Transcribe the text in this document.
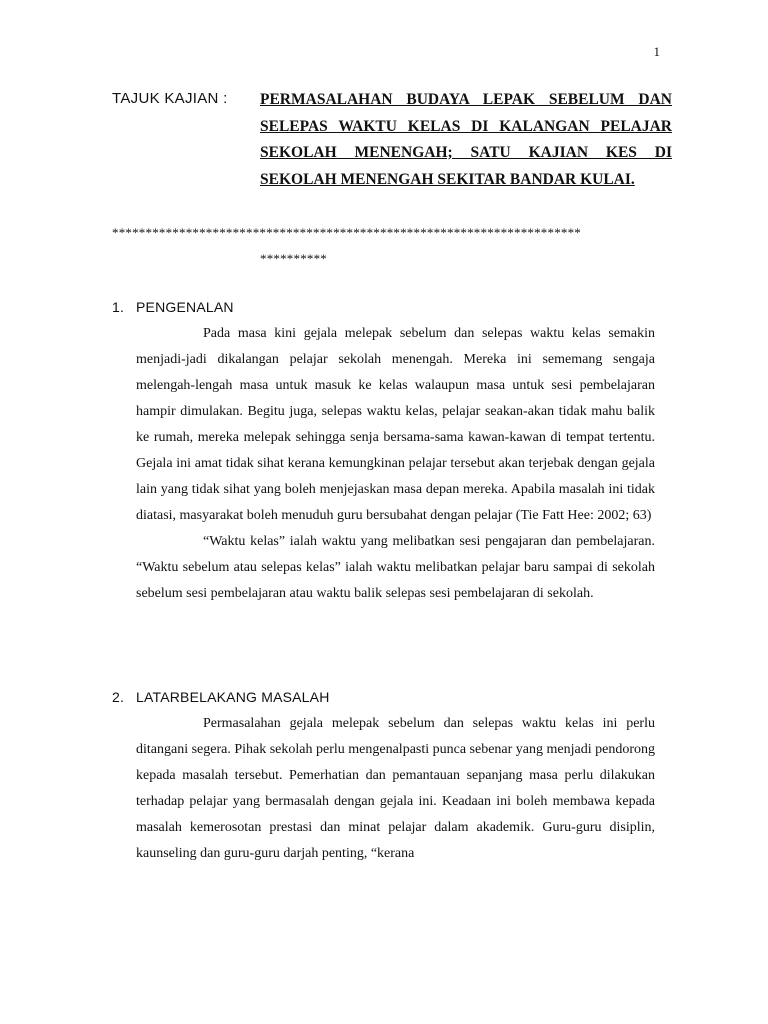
1
TAJUK KAJIAN : PERMASALAHAN BUDAYA LEPAK SEBELUM DAN
SELEPAS WAKTU KELAS DI KALANGAN PELAJAR
SEKOLAH MENENGAH; SATU KAJIAN KES DI
SEKOLAH MENENGAH SEKITAR BANDAR KULAI.
**********************************************************************
**********
1. PENGENALAN

Pada masa kini gejala melepak sebelum dan selepas waktu kelas semakin menjadi-jadi dikalangan pelajar sekolah menengah. Mereka ini sememang sengaja melengah-lengah masa untuk masuk ke kelas walaupun masa untuk sesi pembelajaran hampir dimulakan. Begitu juga, selepas waktu kelas, pelajar seakan-akan tidak mahu balik ke rumah, mereka melepak sehingga senja bersama-sama kawan-kawan di tempat tertentu. Gejala ini amat tidak sihat kerana kemungkinan pelajar tersebut akan terjebak dengan gejala lain yang tidak sihat yang boleh menjejaskan masa depan mereka. Apabila masalah ini tidak diatasi, masyarakat boleh menuduh guru bersubahat dengan pelajar (Tie Fatt Hee: 2002; 63)

“Waktu kelas” ialah waktu yang melibatkan sesi pengajaran dan pembelajaran. “Waktu sebelum atau selepas kelas” ialah waktu melibatkan pelajar baru sampai di sekolah sebelum sesi pembelajaran atau waktu balik selepas sesi pembelajaran di sekolah.

2. LATARBELAKANG MASALAH

Permasalahan gejala melepak sebelum dan selepas waktu kelas ini perlu ditangani segera. Pihak sekolah perlu mengenalpasti punca sebenar yang menjadi pendorong kepada masalah tersebut. Pemerhatian dan pemantauan sepanjang masa perlu dilakukan terhadap pelajar yang bermasalah dengan gejala ini. Keadaan ini boleh membawa kepada masalah kemerosotan prestasi dan minat pelajar dalam akademik. Guru-guru disiplin, kaunseling dan guru-guru darjah penting, “kerana
